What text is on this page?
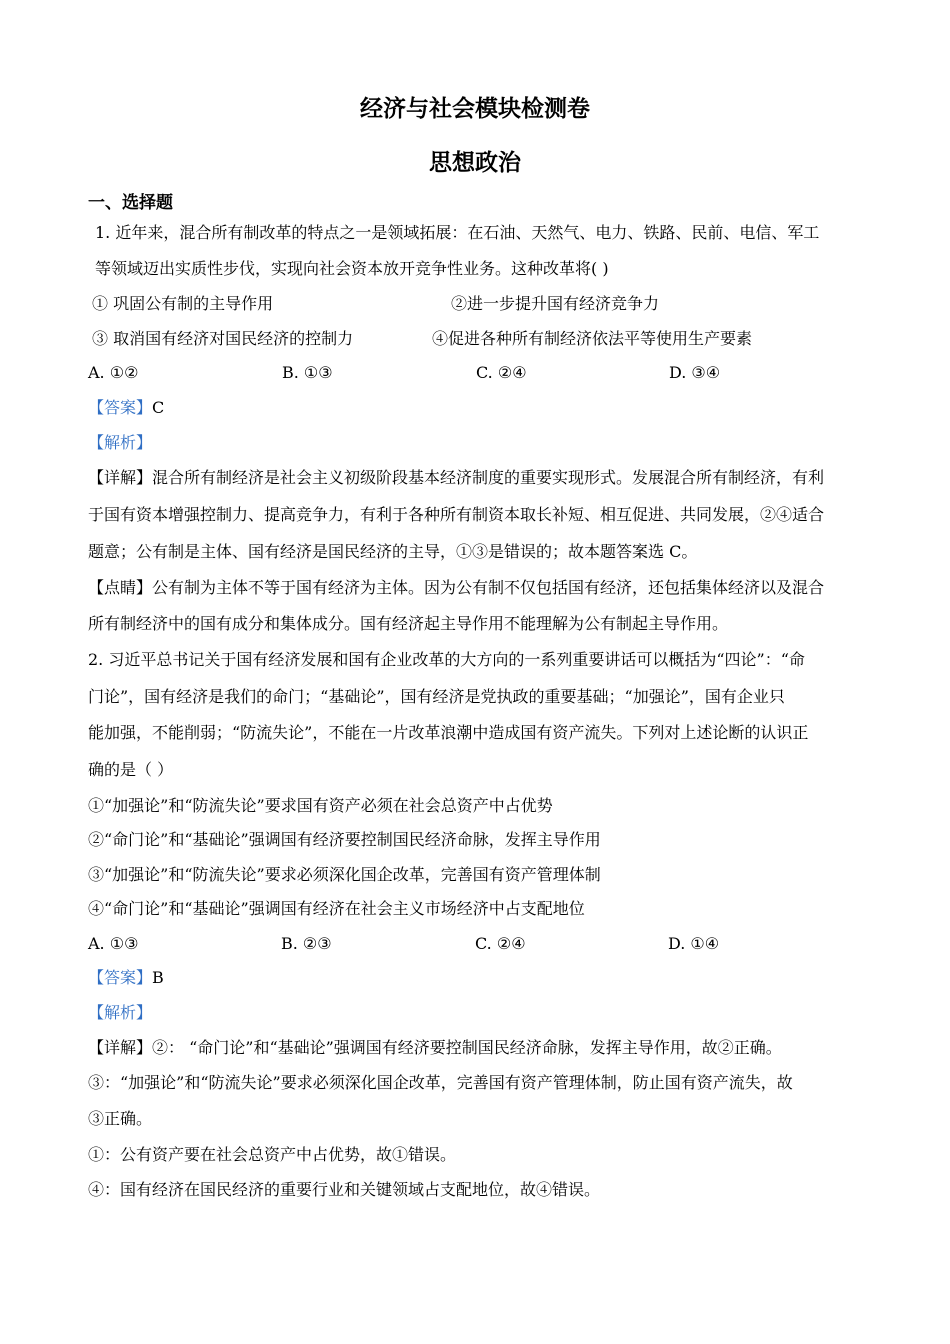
经济与社会模块检测卷
思想政治
一、选择题
1. 近年来，混合所有制改革的特点之一是领域拓展：在石油、天然气、电力、铁路、民前、电信、军工
等领域迈出实质性步伐，实现向社会资本放开竞争性业务。这种改革将( )
① 巩固公有制的主导作用	②进一步提升国有经济竞争力
③ 取消国有经济对国民经济的控制力	④促进各种所有制经济依法平等使用生产要素
A. ①②	B. ①③	C. ②④	D. ③④
【答案】C
【解析】
【详解】混合所有制经济是社会主义初级阶段基本经济制度的重要实现形式。发展混合所有制经济，有利
于国有资本增强控制力、提高竞争力，有利于各种所有制资本取长补短、相互促进、共同发展，②④适合
题意；公有制是主体、国有经济是国民经济的主导，①③是错误的；故本题答案选 C。
【点睛】公有制为主体不等于国有经济为主体。因为公有制不仅包括国有经济，还包括集体经济以及混合
所有制经济中的国有成分和集体成分。国有经济起主导作用不能理解为公有制起主导作用。
2. 习近平总书记关于国有经济发展和国有企业改革的大方向的一系列重要讲话可以概括为“四论”：“命
门论”，国有经济是我们的命门；“基础论”，国有经济是党执政的重要基础；“加强论”，国有企业只
能加强，不能削弱；“防流失论”，不能在一片改革浪潮中造成国有资产流失。下列对上述论断的认识正
确的是（ ）
①“加强论”和“防流失论”要求国有资产必须在社会总资产中占优势
②“命门论”和“基础论”强调国有经济要控制国民经济命脉，发挥主导作用
③“加强论”和“防流失论”要求必须深化国企改革，完善国有资产管理体制
④“命门论”和“基础论”强调国有经济在社会主义市场经济中占支配地位
A. ①③	B. ②③	C. ②④	D. ①④
【答案】B
【解析】
【详解】②： “命门论”和“基础论”强调国有经济要控制国民经济命脉，发挥主导作用，故②正确。
③：“加强论”和“防流失论”要求必须深化国企改革，完善国有资产管理体制，防止国有资产流失，故
③正确。
①：公有资产要在社会总资产中占优势，故①错误。
④：国有经济在国民经济的重要行业和关键领域占支配地位，故④错误。
